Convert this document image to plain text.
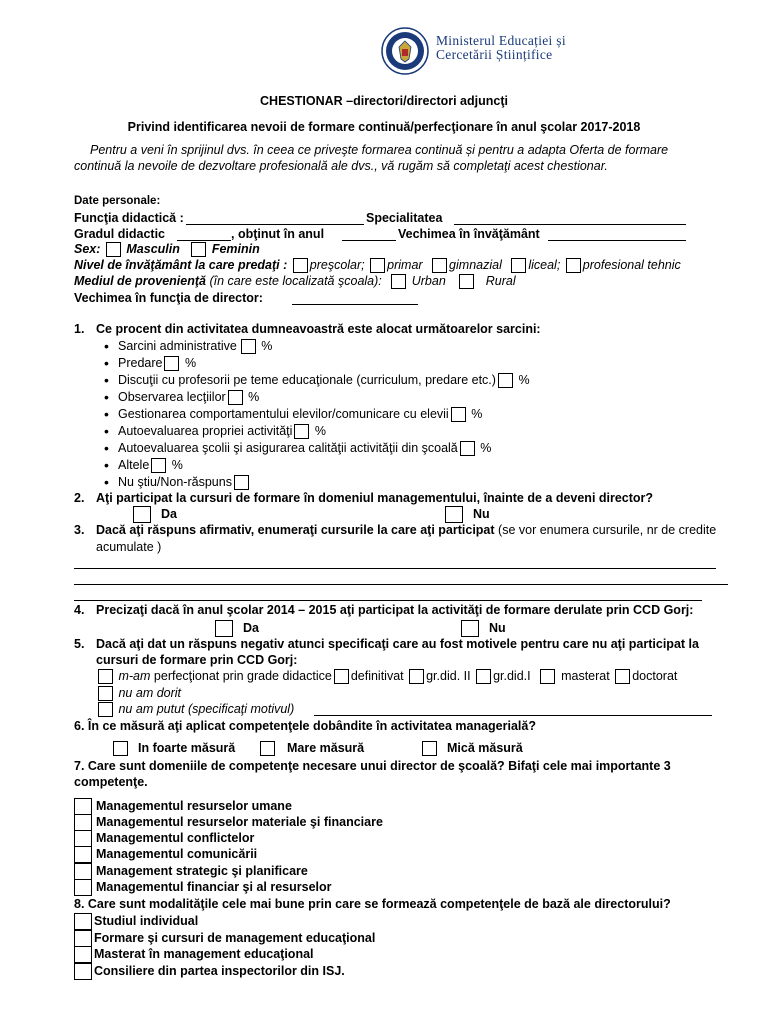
Ministerul Educației și
Cercetării Științifice
CHESTIONAR –directori/directori adjuncţi
Privind identificarea nevoii de formare continuă/perfecţionare în anul şcolar 2017-2018
Pentru a veni în sprijinul dvs. în ceea ce priveşte formarea continuă și pentru a adapta Oferta de formare
continuă la nevoile de dezvoltare profesională ale dvs., vă rugăm să completaţi acest chestionar.
Date personale:
Funcţia didactică :	Specialitatea
Gradul didactic	, obţinut în anul	Vechimea în învăţământ
Sex: Masculin	Feminin
Nivel de învăţământ la care predaţi : preşcolar; primar gimnazial liceal; profesional tehnic
Mediul de provenienţă (în care este localizată şcoala): Urban	Rural
Vechimea în funcţia de director:
1. Ce procent din activitatea dumneavoastră este alocat următoarelor sarcini:
• Sarcini administrative %
• Predare %
• Discuţii cu profesorii pe teme educaţionale (curriculum, predare etc.) %
• Observarea lecţiilor %
• Gestionarea comportamentului elevilor/comunicare cu elevii %
• Autoevaluarea propriei activităţi %
• Autoevaluarea şcolii şi asigurarea calităţii activităţii din şcoală %
• Altele %
• Nu ştiu/Non-răspuns
2. Aţi participat la cursuri de formare în domeniul managementului, înainte de a deveni director?
Da	Nu
3. Dacă aţi răspuns afirmativ, enumeraţi cursurile la care aţi participat (se vor enumera cursurile, nr de credite
acumulate )
4. Precizaţi dacă în anul şcolar 2014 – 2015 aţi participat la activităţi de formare derulate prin CCD Gorj:
Da	Nu
5. Dacă aţi dat un răspuns negativ atunci specificaţi care au fost motivele pentru care nu aţi participat la
cursuri de formare prin CCD Gorj:
m-am perfecţionat prin grade didactice definitivat gr.did. II gr.did.I masterat doctorat
nu am dorit
nu am putut (specificaţi motivul)
6. În ce măsură aţi aplicat competenţele dobândite în activitatea managerială?
In foarte măsură	Mare măsură	Mică măsură
7. Care sunt domeniile de competenţe necesare unui director de şcoală? Bifaţi cele mai importante 3
competenţe.
Managementul resurselor umane
Managementul resurselor materiale şi financiare
Managementul conflictelor
Managementul comunicării
Management strategic şi planificare
Managementul financiar şi al resurselor
8. Care sunt modalităţile cele mai bune prin care se formează competenţele de bază ale directorului?
Studiul individual
Formare şi cursuri de management educaţional
Masterat în management educaţional
Consiliere din partea inspectorilor din ISJ.
